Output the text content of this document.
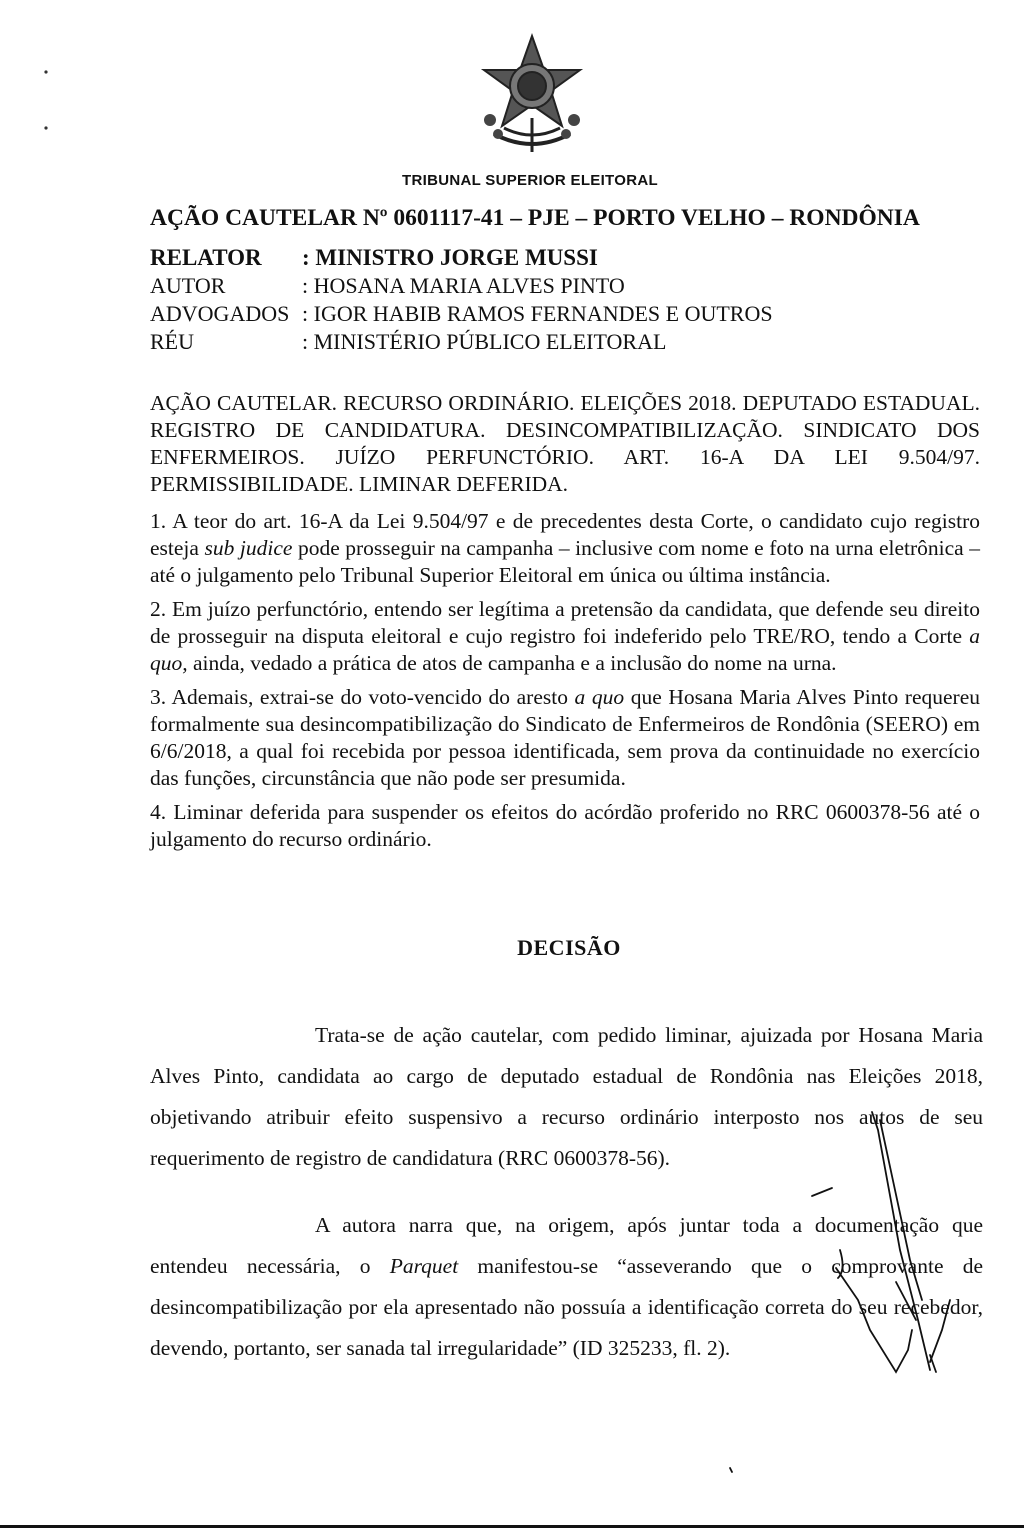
TRIBUNAL SUPERIOR ELEITORAL
AÇÃO CAUTELAR Nº 0601117-41 – PJE – PORTO VELHO – RONDÔNIA
RELATOR	: MINISTRO JORGE MUSSI
AUTOR	: HOSANA MARIA ALVES PINTO
ADVOGADOS : IGOR HABIB RAMOS FERNANDES E OUTROS
RÉU	: MINISTÉRIO PÚBLICO ELEITORAL

AÇÃO CAUTELAR. RECURSO ORDINÁRIO. ELEIÇÕES 2018. DEPUTADO ESTADUAL. REGISTRO DE CANDIDATURA. DESINCOMPATIBILIZAÇÃO. SINDICATO DOS ENFERMEIROS. JUÍZO PERFUNCTÓRIO. ART. 16-A DA LEI 9.504/97. PERMISSIBILIDADE. LIMINAR DEFERIDA.

1. A teor do art. 16-A da Lei 9.504/97 e de precedentes desta Corte, o candidato cujo registro esteja sub judice pode prosseguir na campanha – inclusive com nome e foto na urna eletrônica – até o julgamento pelo Tribunal Superior Eleitoral em única ou última instância.

2. Em juízo perfunctório, entendo ser legítima a pretensão da candidata, que defende seu direito de prosseguir na disputa eleitoral e cujo registro foi indeferido pelo TRE/RO, tendo a Corte a quo, ainda, vedado a prática de atos de campanha e a inclusão do nome na urna.

3. Ademais, extrai-se do voto-vencido do aresto a quo que Hosana Maria Alves Pinto requereu formalmente sua desincompatibilização do Sindicato de Enfermeiros de Rondônia (SEERO) em 6/6/2018, a qual foi recebida por pessoa identificada, sem prova da continuidade no exercício das funções, circunstância que não pode ser presumida.

4. Liminar deferida para suspender os efeitos do acórdão proferido no RRC 0600378-56 até o julgamento do recurso ordinário.

DECISÃO

Trata-se de ação cautelar, com pedido liminar, ajuizada por Hosana Maria Alves Pinto, candidata ao cargo de deputado estadual de Rondônia nas Eleições 2018, objetivando atribuir efeito suspensivo a recurso ordinário interposto nos autos de seu requerimento de registro de candidatura (RRC 0600378-56).

A autora narra que, na origem, após juntar toda a documentação que entendeu necessária, o Parquet manifestou-se “asseverando que o comprovante de desincompatibilização por ela apresentado não possuía a identificação correta do seu recebedor, devendo, portanto, ser sanada tal irregularidade” (ID 325233, fl. 2).
